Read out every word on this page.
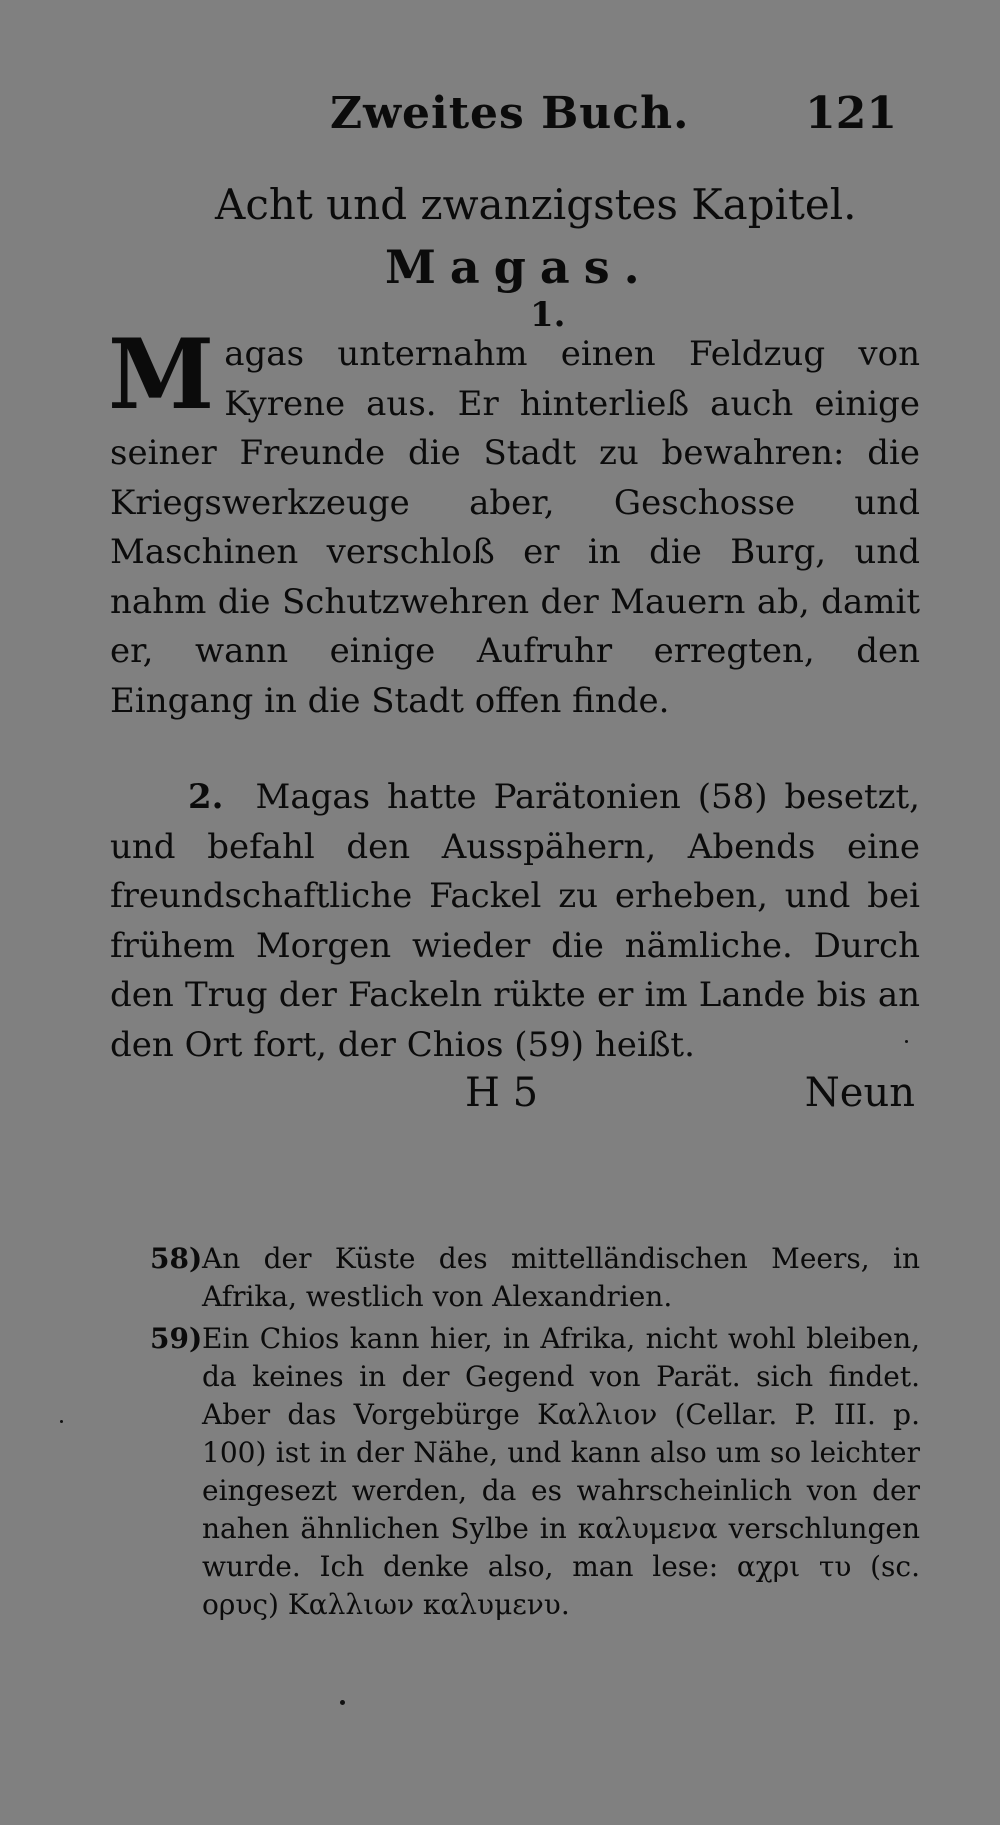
Zweites Buch.	121
Acht und zwanzigstes Kapitel.
Magas.
1.
Magas unternahm einen Feldzug von Kyrene aus. Er hinterließ auch einige seiner Freunde die Stadt zu bewahren: die Kriegswerkzeuge aber, Geschosse und Maschinen verschloß er in die Burg, und nahm die Schutzwehren der Mauern ab, damit er, wann einige Aufruhr erregten, den Eingang in die Stadt offen finde.
2. Magas hatte Parätonien (58) besetzt, und befahl den Ausspähern, Abends eine freundschaftliche Fackel zu erheben, und bei frühem Morgen wieder die nämliche. Durch den Trug der Fackeln rükte er im Lande bis an den Ort fort, der Chios (59) heißt.
H 5	Neun
58) An der Küste des mittelländischen Meers, in Afrika, westlich von Alexandrien.
59) Ein Chios kann hier, in Afrika, nicht wohl bleiben, da keines in der Gegend von Parät. sich findet. Aber das Vorgebürge Καλλιον (Cellar. P. III. p. 100) ist in der Nähe, und kann also um so leichter eingesezt werden, da es wahrscheinlich von der nahen ähnlichen Sylbe in καλυμενα verschlungen wurde. Ich denke also, man lese: αχρι τυ (sc. ορυς) Καλλιων καλυμενυ.
